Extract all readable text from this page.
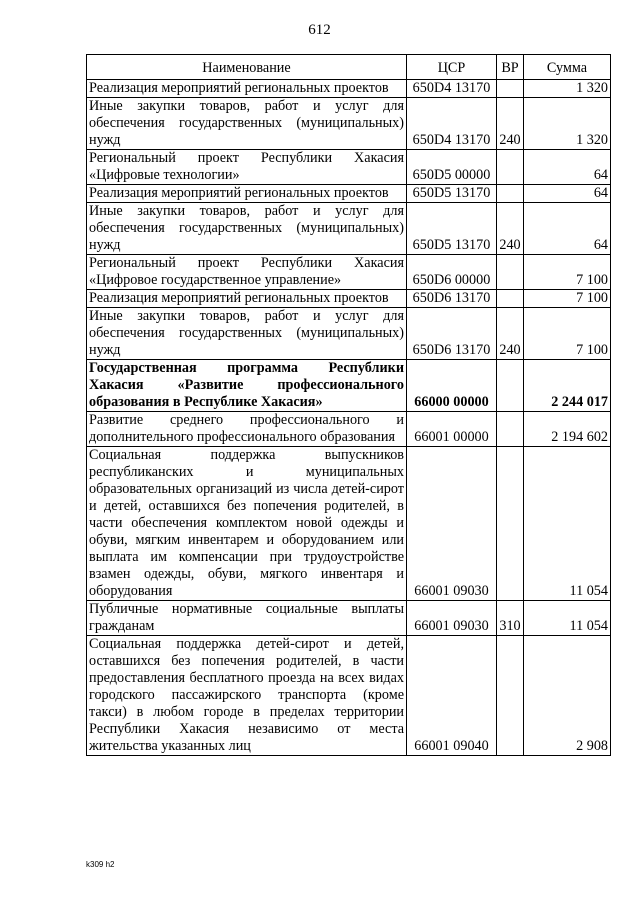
612
Наименование	ЦСР	ВР	Сумма
Реализация мероприятий региональных проектов	650D4 13170		1 320
Иные закупки товаров, работ и услуг для обеспечения государственных (муниципальных) нужд	650D4 13170	240	1 320
Региональный проект Республики Хакасия «Цифровые технологии»	650D5 00000		64
Реализация мероприятий региональных проектов	650D5 13170		64
Иные закупки товаров, работ и услуг для обеспечения государственных (муниципальных) нужд	650D5 13170	240	64
Региональный проект Республики Хакасия «Цифровое государственное управление»	650D6 00000		7 100
Реализация мероприятий региональных проектов	650D6 13170		7 100
Иные закупки товаров, работ и услуг для обеспечения государственных (муниципальных) нужд	650D6 13170	240	7 100
Государственная программа Республики Хакасия «Развитие профессионального образования в Республике Хакасия»	66000 00000		2 244 017
Развитие среднего профессионального и дополнительного профессионального образования	66001 00000		2 194 602
Социальная поддержка выпускников республиканских и муниципальных образовательных организаций из числа детей-сирот и детей, оставшихся без попечения родителей, в части обеспечения комплектом новой одежды и обуви, мягким инвентарем и оборудованием или выплата им компенсации при трудоустройстве взамен одежды, обуви, мягкого инвентаря и оборудования	66001 09030		11 054
Публичные нормативные социальные выплаты гражданам	66001 09030	310	11 054
Социальная поддержка детей-сирот и детей, оставшихся без попечения родителей, в части предоставления бесплатного проезда на всех видах городского пассажирского транспорта (кроме такси) в любом городе в пределах территории Республики Хакасия независимо от места жительства указанных лиц	66001 09040		2 908
k309 h2
